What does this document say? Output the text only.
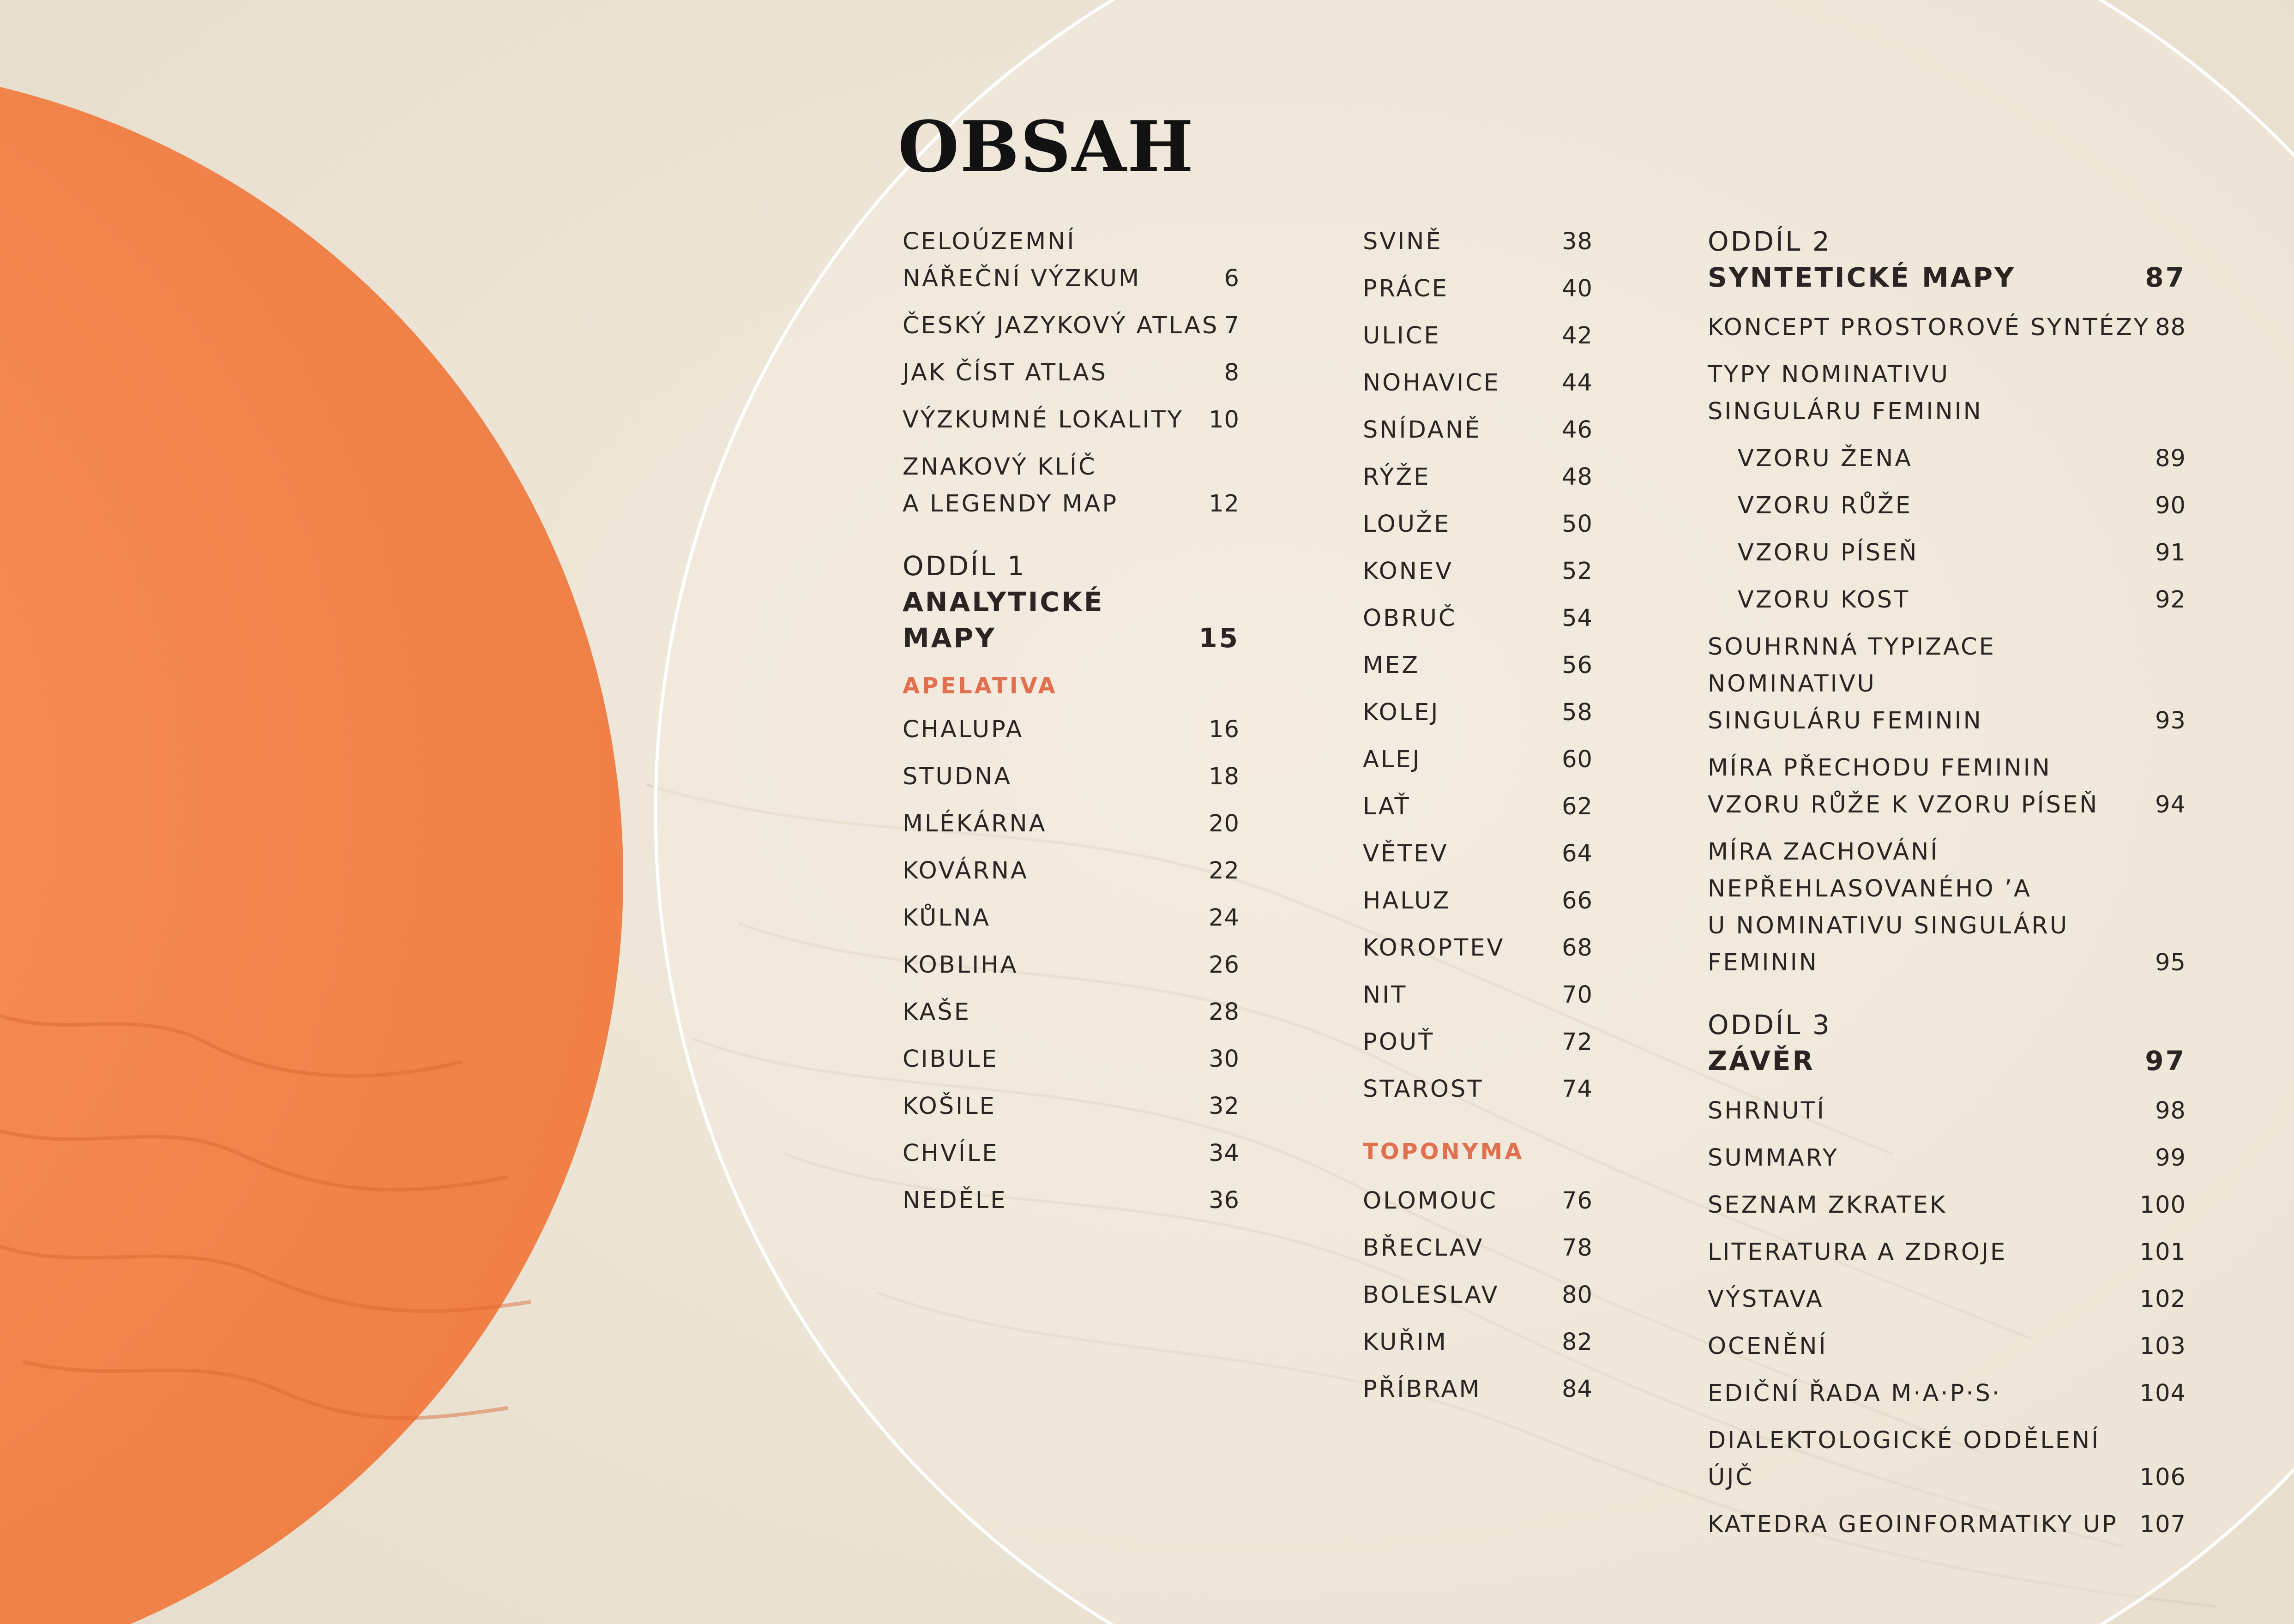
OBSAH
CELOÚZEMNÍ
NÁŘEČNÍ VÝZKUM	6
ČESKÝ JAZYKOVÝ ATLAS 7
JAK ČÍST ATLAS	8
VÝZKUMNÉ LOKALITY	10
ZNAKOVÝ KLÍČ
A LEGENDY MAP	12
ODDÍL 1
ANALYTICKÉ MAPY	15
APELATIVA
CHALUPA	16
STUDNA	18
MLÉKÁRNA	20
KOVÁRNA	22
KŮLNA	24
KOBLIHA	26
KAŠE	28
CIBULE	30
KOŠILE	32
CHVÍLE	34
NEDĚLE	36
SVINĚ	38
PRÁCE	40
ULICE	42
NOHAVICE	44
SNÍDANĚ	46
RÝŽE	48
LOUŽE	50
KONEV	52
OBRUČ	54
MEZ	56
KOLEJ	58
ALEJ	60
LAŤ	62
VĚTEV	64
HALUZ	66
KOROPTEV	68
NIT	70
POUŤ	72
STAROST	74
TOPONYMA
OLOMOUC	76
BŘECLAV	78
BOLESLAV	80
KUŘIM	82
PŘÍBRAM	84
ODDÍL 2
SYNTETICKÉ MAPY	87
KONCEPT PROSTOROVÉ SYNTÉZY 88
TYPY NOMINATIVU
SINGULÁRU FEMININ
VZORU ŽENA	89
VZORU RŮŽE	90
VZORU PÍSEŇ	91
VZORU KOST	92
SOUHRNNÁ TYPIZACE NOMINATIVU
SINGULÁRU FEMININ	93
MÍRA PŘECHODU FEMININ
VZORU RŮŽE K VZORU PÍSEŇ	94
MÍRA ZACHOVÁNÍ
NEPŘEHLASOVANÉHO ’A
U NOMINATIVU SINGULÁRU
FEMININ	95
ODDÍL 3
ZÁVĚR	97
SHRNUTÍ	98
SUMMARY	99
SEZNAM ZKRATEK	100
LITERATURA A ZDROJE	101
VÝSTAVA	102
OCENĚNÍ	103
EDIČNÍ ŘADA M·A·P·S·	104
DIALEKTOLOGICKÉ ODDĚLENÍ ÚJČ	106
KATEDRA GEOINFORMATIKY UP 107
